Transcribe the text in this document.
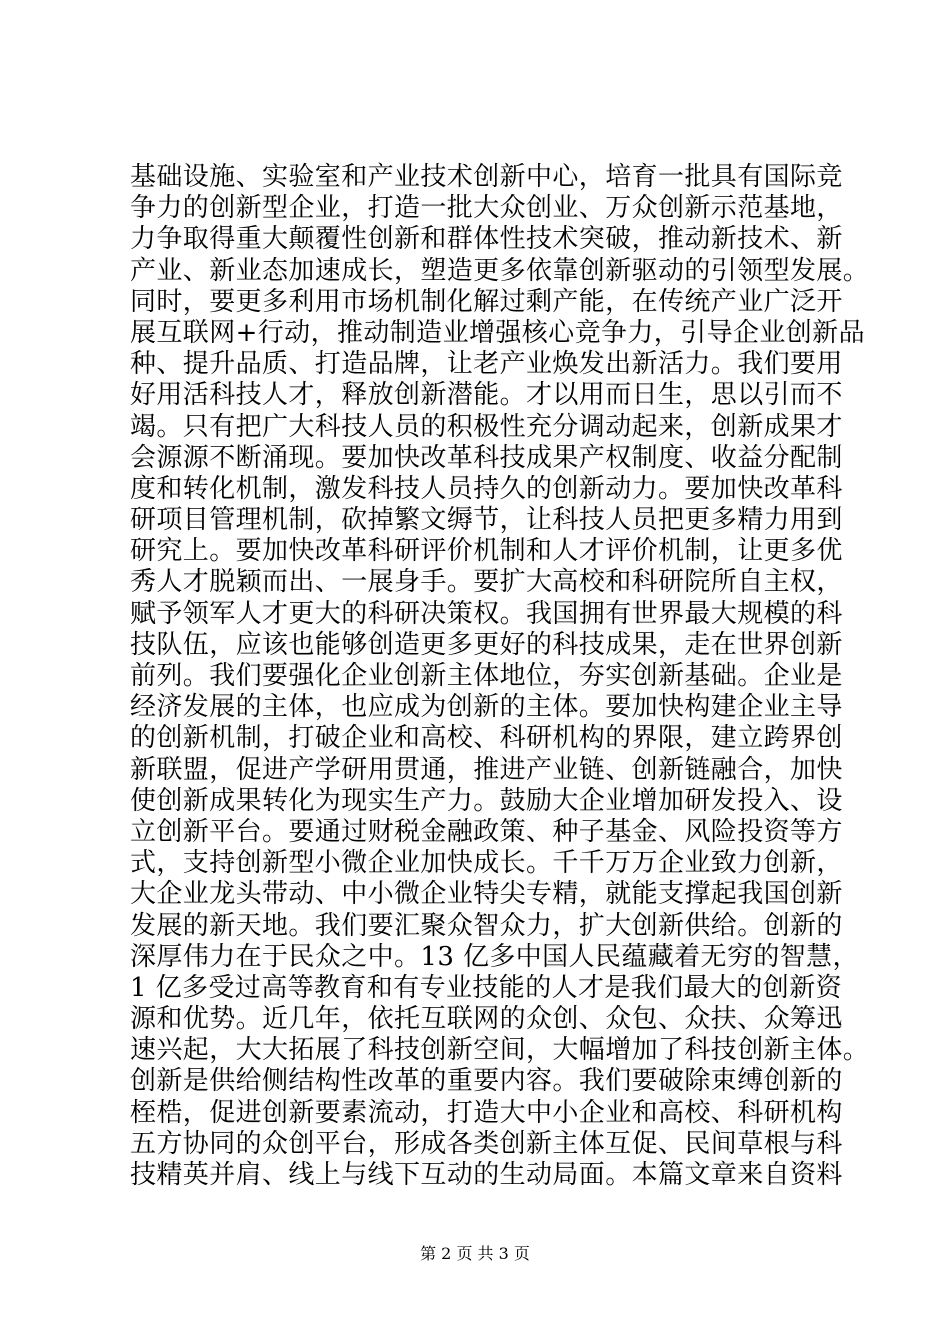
基础设施、实验室和产业技术创新中心，培育一批具有国际竞
争力的创新型企业，打造一批大众创业、万众创新示范基地，
力争取得重大颠覆性创新和群体性技术突破，推动新技术、新
产业、新业态加速成长，塑造更多依靠创新驱动的引领型发展。
同时，要更多利用市场机制化解过剩产能，在传统产业广泛开
展互联网+行动，推动制造业增强核心竞争力，引导企业创新品
种、提升品质、打造品牌，让老产业焕发出新活力。我们要用
好用活科技人才，释放创新潜能。才以用而日生，思以引而不
竭。只有把广大科技人员的积极性充分调动起来，创新成果才
会源源不断涌现。要加快改革科技成果产权制度、收益分配制
度和转化机制，激发科技人员持久的创新动力。要加快改革科
研项目管理机制，砍掉繁文缛节，让科技人员把更多精力用到
研究上。要加快改革科研评价机制和人才评价机制，让更多优
秀人才脱颖而出、一展身手。要扩大高校和科研院所自主权，
赋予领军人才更大的科研决策权。我国拥有世界最大规模的科
技队伍，应该也能够创造更多更好的科技成果，走在世界创新
前列。我们要强化企业创新主体地位，夯实创新基础。企业是
经济发展的主体，也应成为创新的主体。要加快构建企业主导
的创新机制，打破企业和高校、科研机构的界限，建立跨界创
新联盟，促进产学研用贯通，推进产业链、创新链融合，加快
使创新成果转化为现实生产力。鼓励大企业增加研发投入、设
立创新平台。要通过财税金融政策、种子基金、风险投资等方
式，支持创新型小微企业加快成长。千千万万企业致力创新，
大企业龙头带动、中小微企业特尖专精，就能支撑起我国创新
发展的新天地。我们要汇聚众智众力，扩大创新供给。创新的
深厚伟力在于民众之中。13 亿多中国人民蕴藏着无穷的智慧，
1 亿多受过高等教育和有专业技能的人才是我们最大的创新资
源和优势。近几年，依托互联网的众创、众包、众扶、众筹迅
速兴起，大大拓展了科技创新空间，大幅增加了科技创新主体。
创新是供给侧结构性改革的重要内容。我们要破除束缚创新的
桎梏，促进创新要素流动，打造大中小企业和高校、科研机构
五方协同的众创平台，形成各类创新主体互促、民间草根与科
技精英并肩、线上与线下互动的生动局面。本篇文章来自资料
第 2 页 共 3 页
